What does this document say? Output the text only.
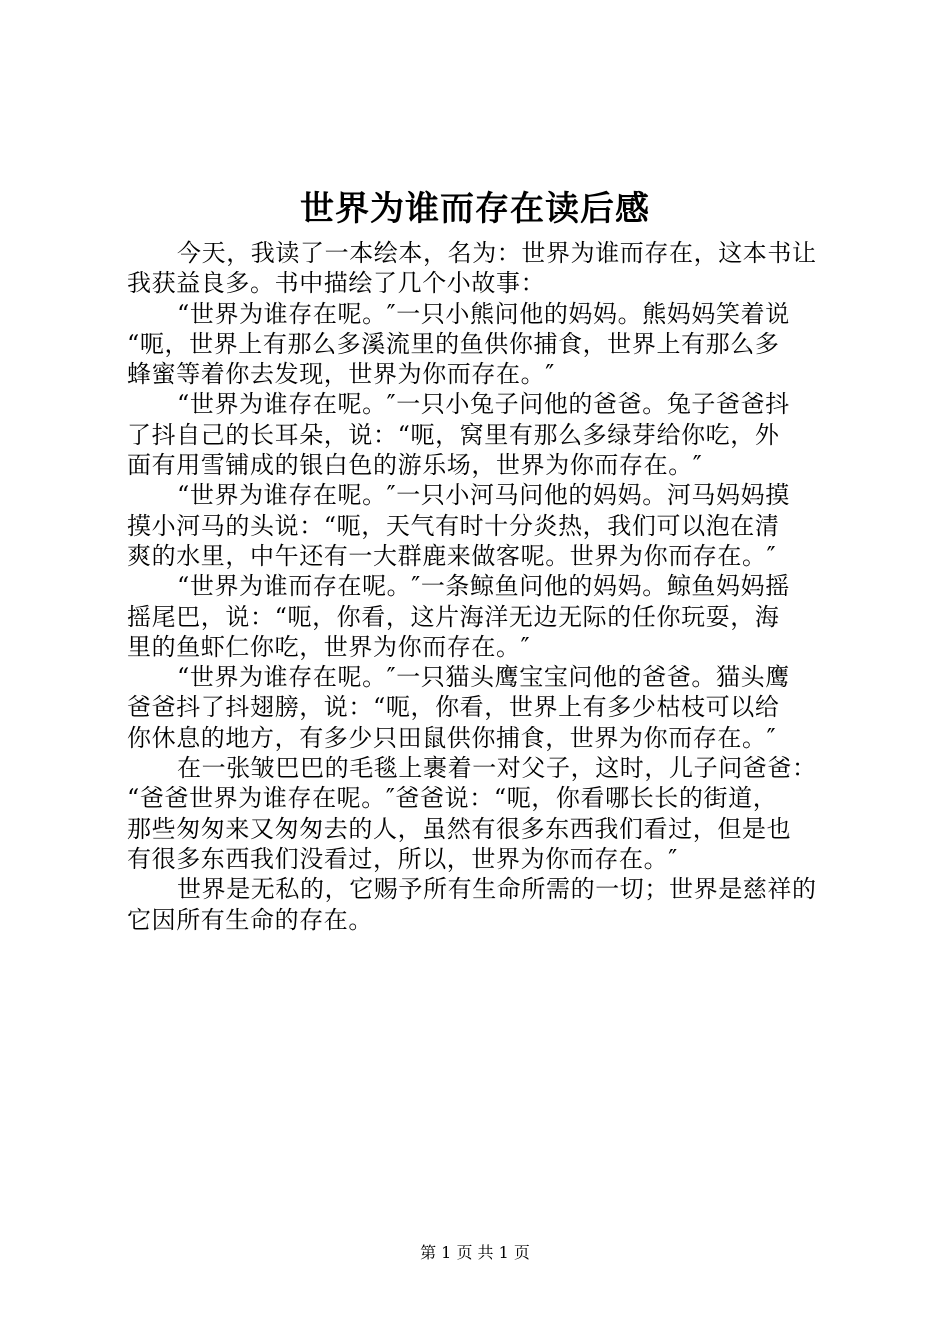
世界为谁而存在读后感
今天，我读了一本绘本，名为：世界为谁而存在，这本书让
我获益良多。书中描绘了几个小故事：
“世界为谁存在呢。″一只小熊问他的妈妈。熊妈妈笑着说
“呃，世界上有那么多溪流里的鱼供你捕食，世界上有那么多
蜂蜜等着你去发现，世界为你而存在。″
“世界为谁存在呢。″一只小兔子问他的爸爸。兔子爸爸抖
了抖自己的长耳朵，说：“呃，窝里有那么多绿芽给你吃，外
面有用雪铺成的银白色的游乐场，世界为你而存在。″
“世界为谁存在呢。″一只小河马问他的妈妈。河马妈妈摸
摸小河马的头说：“呃，天气有时十分炎热，我们可以泡在清
爽的水里，中午还有一大群鹿来做客呢。世界为你而存在。″
“世界为谁而存在呢。″一条鲸鱼问他的妈妈。鲸鱼妈妈摇
摇尾巴，说：“呃，你看，这片海洋无边无际的任你玩耍，海
里的鱼虾仁你吃，世界为你而存在。″
“世界为谁存在呢。″一只猫头鹰宝宝问他的爸爸。猫头鹰
爸爸抖了抖翅膀，说：“呃，你看，世界上有多少枯枝可以给
你休息的地方，有多少只田鼠供你捕食，世界为你而存在。″
在一张皱巴巴的毛毯上裹着一对父子，这时，儿子问爸爸：
“爸爸世界为谁存在呢。″爸爸说：“呃，你看哪长长的街道，
那些匆匆来又匆匆去的人，虽然有很多东西我们看过，但是也
有很多东西我们没看过，所以，世界为你而存在。″
世界是无私的，它赐予所有生命所需的一切；世界是慈祥的
它因所有生命的存在。
第 1 页 共 1 页
